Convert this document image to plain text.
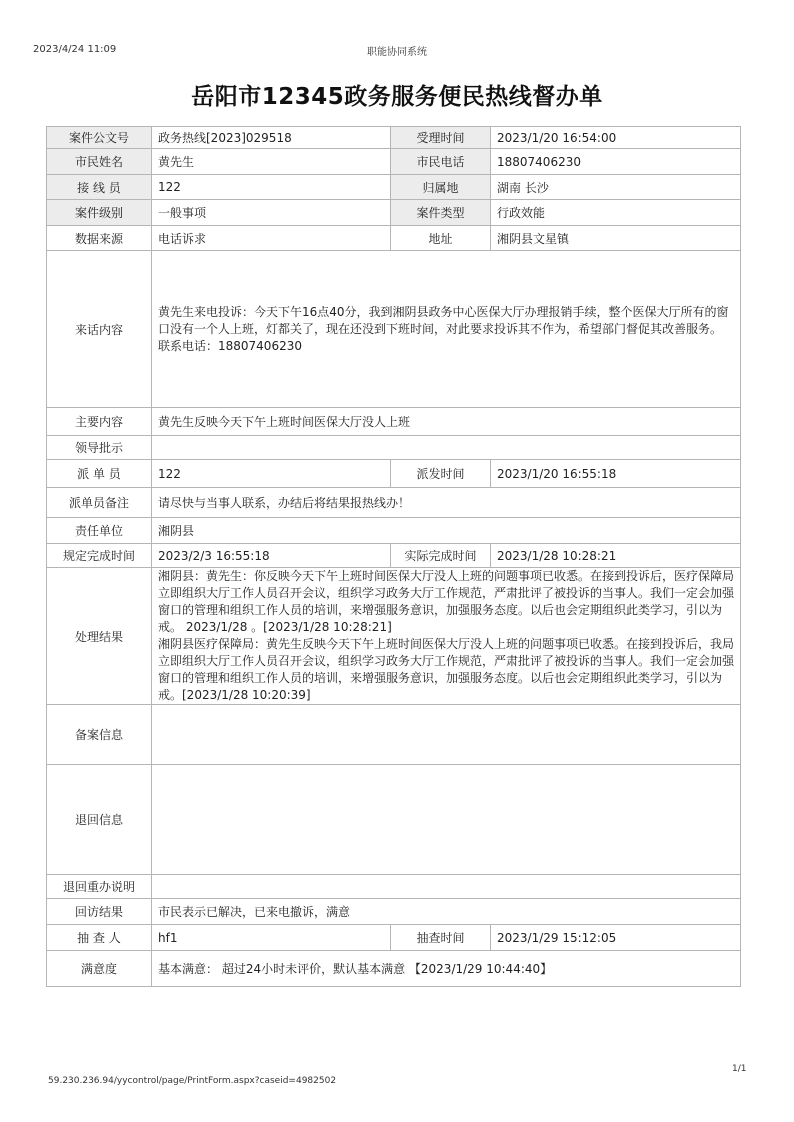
2023/4/24 11:09	职能协同系统
岳阳市12345政务服务便民热线督办单
案件公文号	政务热线[2023]029518	受理时间	2023/1/20 16:54:00
市民姓名	黄先生	市民电话	18807406230
接 线 员	122	归属地	湖南 长沙
案件级别	一般事项	案件类型	行政效能
数据来源	电话诉求	地址	湘阴县文星镇
来话内容	黄先生来电投诉：今天下午16点40分，我到湘阴县政务中心医保大厅办理报销手续，整个医保大厅所有的窗口没有一个人上班，灯都关了，现在还没到下班时间，对此要求投诉其不作为，希望部门督促其改善服务。
联系电话：18807406230		
主要内容	黄先生反映今天下午上班时间医保大厅没人上班		
领导批示			
派 单 员	122	派发时间	2023/1/20 16:55:18
派单员备注	请尽快与当事人联系，办结后将结果报热线办！		
责任单位	湘阴县		
规定完成时间	2023/2/3 16:55:18	实际完成时间	2023/1/28 10:28:21
处理结果	湘阴县：黄先生：你反映今天下午上班时间医保大厅没人上班的问题事项已收悉。在接到投诉后，医疗保障局立即组织大厅工作人员召开会议，组织学习政务大厅工作规范，严肃批评了被投诉的当事人。我们一定会加强窗口的管理和组织工作人员的培训，来增强服务意识，加强服务态度。以后也会定期组织此类学习，引以为戒。 2023/1/28 。[2023/1/28 10:28:21]
湘阴县医疗保障局：黄先生反映今天下午上班时间医保大厅没人上班的问题事项已收悉。在接到投诉后，我局立即组织大厅工作人员召开会议，组织学习政务大厅工作规范，严肃批评了被投诉的当事人。我们一定会加强窗口的管理和组织工作人员的培训，来增强服务意识，加强服务态度。以后也会定期组织此类学习，引以为戒。[2023/1/28 10:20:39]		
备案信息			
退回信息			
退回重办说明			
回访结果	市民表示已解决，已来电撤诉，满意		
抽 查 人	hf1	抽查时间	2023/1/29 15:12:05
满意度	基本满意： 超过24小时未评价，默认基本满意 【2023/1/29 10:44:40】		
1/1
59.230.236.94/yycontrol/page/PrintForm.aspx?caseid=4982502
